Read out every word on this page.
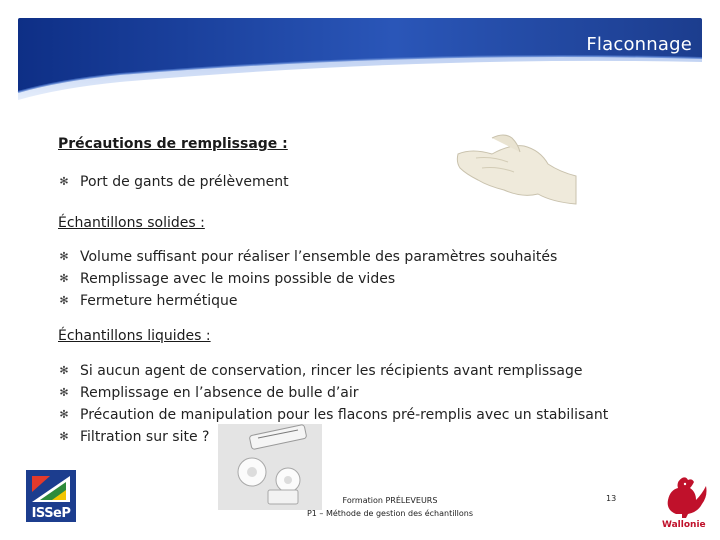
Flaconnage
Précautions de remplissage :
✻ Port de gants de prélèvement
Échantillons solides :
✻ Volume suffisant pour réaliser l’ensemble des paramètres souhaités
✻ Remplissage avec le moins possible de vides
✻ Fermeture hermétique
Échantillons liquides :
✻ Si aucun agent de conservation, rincer les récipients avant remplissage
✻ Remplissage en l’absence de bulle d’air
✻ Précaution de manipulation pour les flacons pré-remplis avec un stabilisant
✻ Filtration sur site ?
Formation PRÉLEVEURS
P1 – Méthode de gestion des échantillons
13
ISSeP
Wallonie
